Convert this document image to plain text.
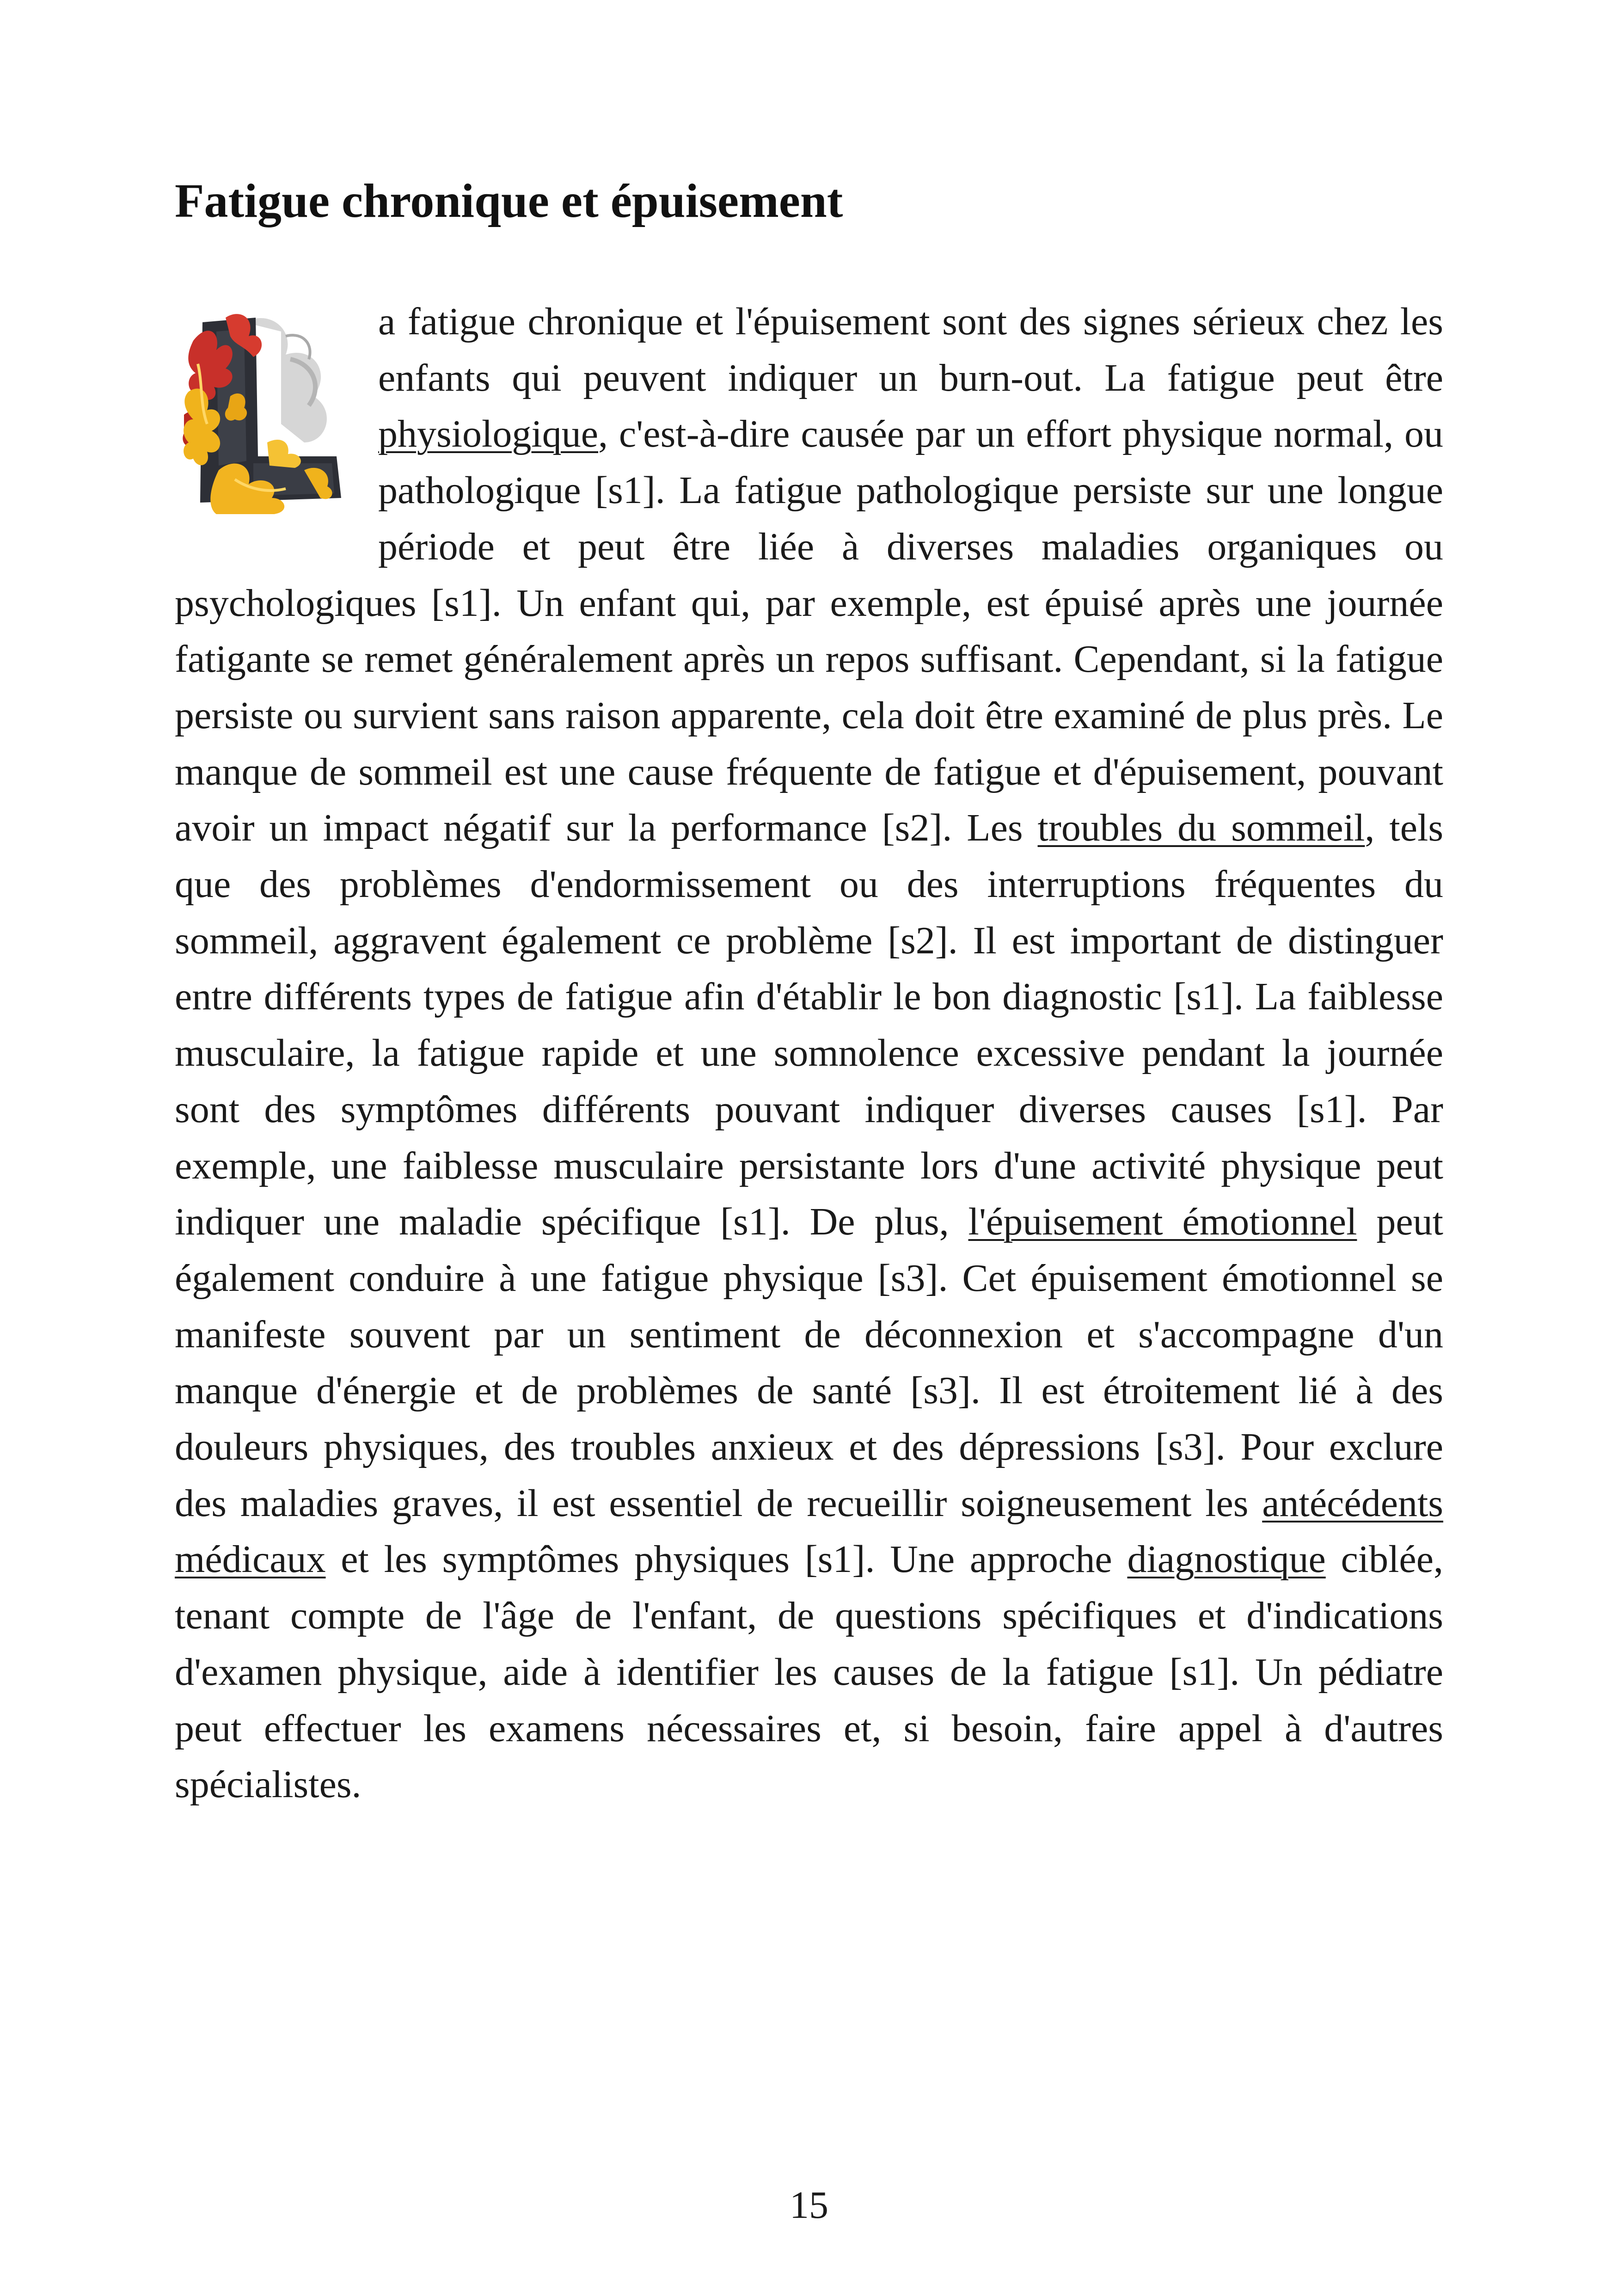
Fatigue chronique et épuisement

a fatigue chronique et l'épuisement sont des signes sérieux chez les enfants qui peuvent indiquer un burn-out. La fatigue peut être physiologique, c'est-à-dire causée par un effort physique normal, ou pathologique [s1]. La fatigue pathologique persiste sur une longue période et peut être liée à diverses maladies organiques ou psychologiques [s1]. Un enfant qui, par exemple, est épuisé après une journée fatigante se remet généralement après un repos suffisant. Cependant, si la fatigue persiste ou survient sans raison apparente, cela doit être examiné de plus près. Le manque de sommeil est une cause fréquente de fatigue et d'épuisement, pouvant avoir un impact négatif sur la performance [s2]. Les troubles du sommeil, tels que des problèmes d'endormissement ou des interruptions fréquentes du sommeil, aggravent également ce problème [s2]. Il est important de distinguer entre différents types de fatigue afin d'établir le bon diagnostic [s1]. La faiblesse musculaire, la fatigue rapide et une somnolence excessive pendant la journée sont des symptômes différents pouvant indiquer diverses causes [s1]. Par exemple, une faiblesse musculaire persistante lors d'une activité physique peut indiquer une maladie spécifique [s1]. De plus, l'épuisement émotionnel peut également conduire à une fatigue physique [s3]. Cet épuisement émotionnel se manifeste souvent par un sentiment de déconnexion et s'accompagne d'un manque d'énergie et de problèmes de santé [s3]. Il est étroitement lié à des douleurs physiques, des troubles anxieux et des dépressions [s3]. Pour exclure des maladies graves, il est essentiel de recueillir soigneusement les antécédents médicaux et les symptômes physiques [s1]. Une approche diagnostique ciblée, tenant compte de l'âge de l'enfant, de questions spécifiques et d'indications d'examen physique, aide à identifier les causes de la fatigue [s1]. Un pédiatre peut effectuer les examens nécessaires et, si besoin, faire appel à d'autres spécialistes.

15
